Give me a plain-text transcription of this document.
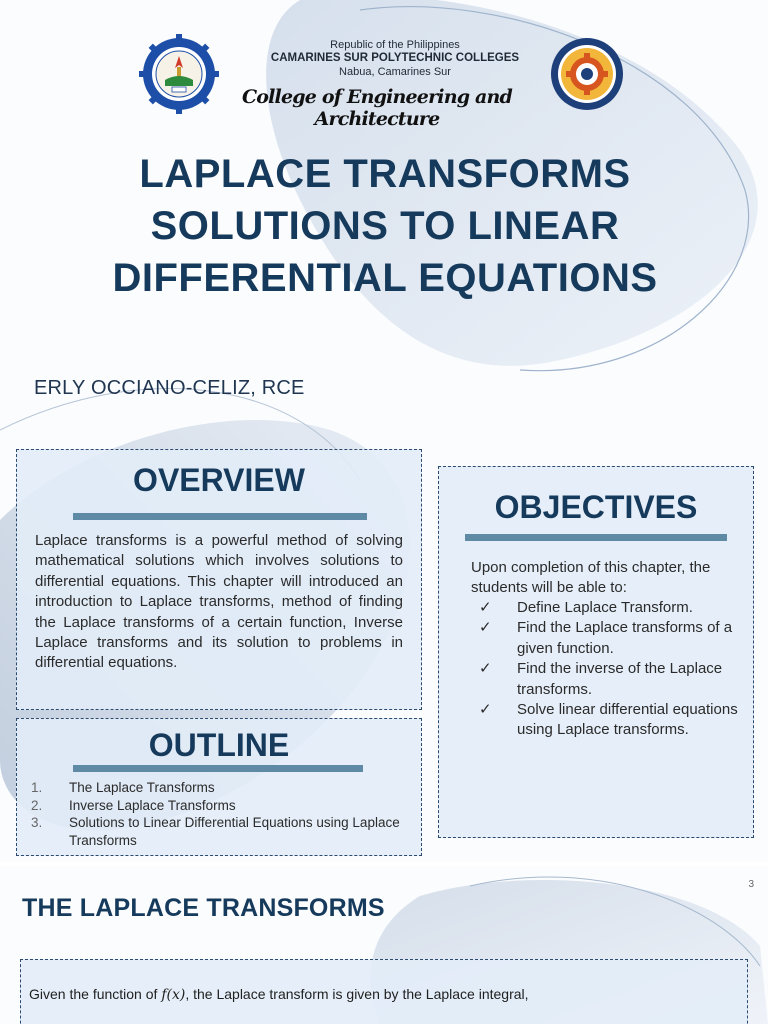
Republic of the Philippines
CAMARINES SUR POLYTECHNIC COLLEGES
Nabua, Camarines Sur
College of Engineering and Architecture
LAPLACE TRANSFORMS
SOLUTIONS TO LINEAR
DIFFERENTIAL EQUATIONS
ERLY OCCIANO-CELIZ, RCE
OVERVIEW
Laplace transforms is a powerful method of solving mathematical solutions which involves solutions to differential equations. This chapter will introduced an introduction to Laplace transforms, method of finding the Laplace transforms of a certain function, Inverse Laplace transforms and its solution to problems in differential equations.
OUTLINE
1. The Laplace Transforms
2. Inverse Laplace Transforms
3. Solutions to Linear Differential Equations using Laplace Transforms
OBJECTIVES
Upon completion of this chapter, the students will be able to:
✓ Define Laplace Transform.
✓ Find the Laplace transforms of a given function.
✓ Find the inverse of the Laplace transforms.
✓ Solve linear differential equations using Laplace transforms.
3
THE LAPLACE TRANSFORMS
Given the function of f(x), the Laplace transform is given by the Laplace integral,
